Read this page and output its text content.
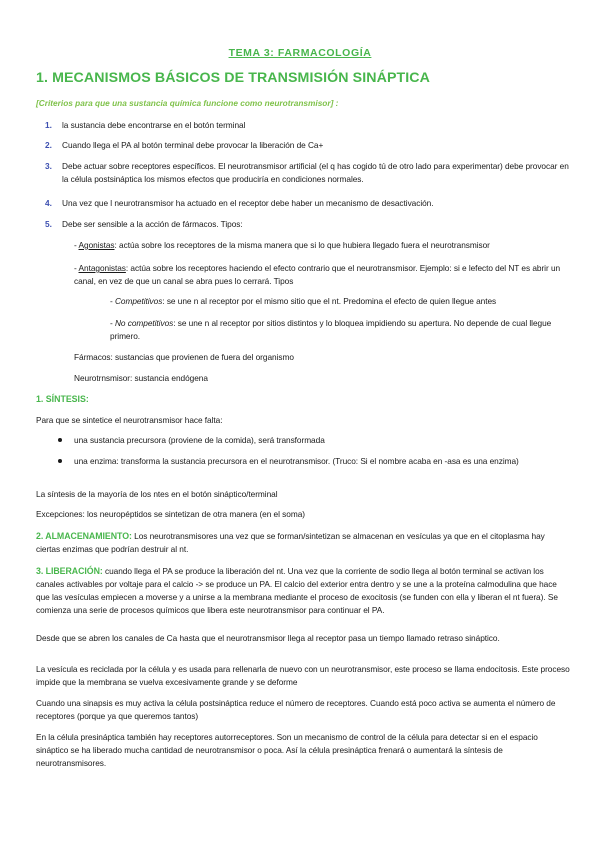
TEMA 3: FARMACOLOGÍA
1. MECANISMOS BÁSICOS DE TRANSMISIÓN SINÁPTICA
[Criterios para que una sustancia química funcione como neurotransmisor] :
1. la sustancia debe encontrarse en el botón terminal

2. Cuando llega el PA al botón terminal debe provocar la liberación de Ca+

3. Debe actuar sobre receptores específicos. El neurotransmisor artificial (el q has cogido tú de otro lado para experimentar) debe provocar en la célula postsináptica los mismos efectos que produciría en condiciones normales.

4. Una vez que l neurotransmisor ha actuado en el receptor debe haber un mecanismo de desactivación.

5. Debe ser sensible a la acción de fármacos. Tipos:

- Agonistas: actúa sobre los receptores de la misma manera que si lo que hubiera llegado fuera el neurotransmisor

- Antagonistas: actúa sobre los receptores haciendo el efecto contrario que el neurotransmisor. Ejemplo: si e lefecto del NT es abrir un canal, en vez de que un canal se abra pues lo cerrará. Tipos

- Competitivos: se une n al receptor por el mismo sitio que el nt. Predomina el efecto de quien llegue antes

- No competitivos: se une n al receptor por sitios distintos y lo bloquea impidiendo su apertura. No depende de cual llegue primero.

Fármacos: sustancias que provienen de fuera del organismo

Neurotrnsmisor: sustancia endógena

1. SÍNTESIS:

Para que se sintetice el neurotransmisor hace falta:

una sustancia precursora (proviene de la comida), será transformada

una enzima: transforma la sustancia precursora en el neurotransmisor. (Truco: Si el nombre acaba en -asa es una enzima)

La síntesis de la mayoría de los ntes en el botón sináptico/terminal

Excepciones: los neuropéptidos se sintetizan de otra manera (en el soma)

2. ALMACENAMIENTO: Los neurotransmisores una vez que se forman/sintetizan se almacenan en vesículas ya que en el citoplasma hay ciertas enzimas que podrían destruir al nt.

3. LIBERACIÓN: cuando llega el PA se produce la liberación del nt. Una vez que la corriente de sodio llega al botón terminal se activan los canales activables por voltaje para el calcio -> se produce un PA. El calcio del exterior entra dentro y se une a la proteína calmodulina que hace que las vesículas empiecen a moverse y a unirse a la membrana mediante el proceso de exocitosis (se funden con ella y liberan el nt fuera). Se comienza una serie de procesos químicos que libera este neurotransmisor para continuar el PA.

Desde que se abren los canales de Ca hasta que el neurotransmisor llega al receptor pasa un tiempo llamado retraso sináptico.

La vesícula es reciclada por la célula y es usada para rellenarla de nuevo con un neurotransmisor, este proceso se llama endocitosis. Este proceso impide que la membrana se vuelva excesivamente grande y se deforme

Cuando una sinapsis es muy activa la célula postsináptica reduce el número de receptores. Cuando está poco activa se aumenta el número de receptores (porque ya que queremos tantos)

En la célula presináptica también hay receptores autorreceptores. Son un mecanismo de control de la célula para detectar si en el espacio sináptico se ha liberado mucha cantidad de neurotransmisor o poca. Así la célula presináptica frenará o aumentará la síntesis de neurotransmisores.
